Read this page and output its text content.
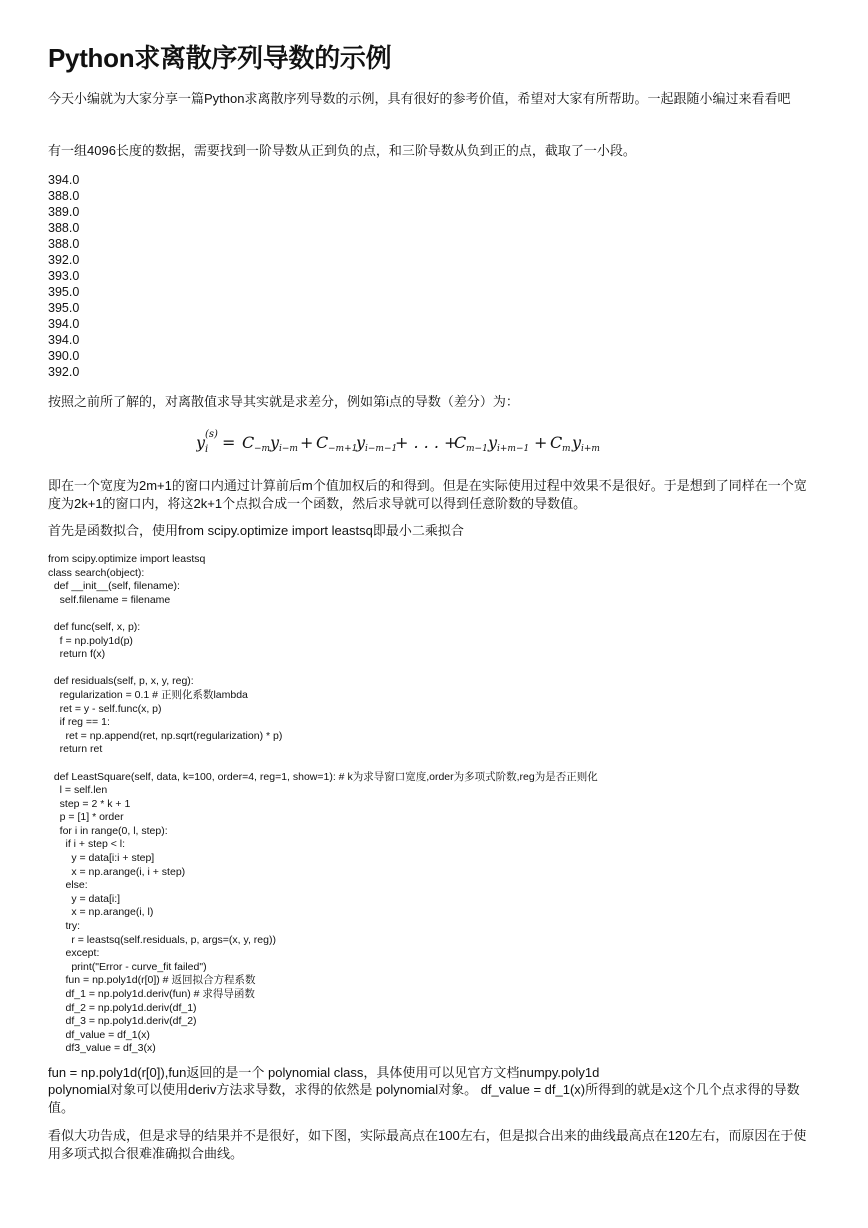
Python求离散序列导数的示例
今天小编就为大家分享一篇Python求离散序列导数的示例，具有很好的参考价值，希望对大家有所帮助。一起跟随小编过来看看吧
有一组4096长度的数据，需要找到一阶导数从正到负的点，和三阶导数从负到正的点，截取了一小段。
394.0
388.0
389.0
388.0
388.0
392.0
393.0
395.0
395.0
394.0
394.0
390.0
392.0
按照之前所了解的，对离散值求导其实就是求差分，例如第i点的导数（差分）为：
y i
(s) = C −m y i−m + C −m+1
y i−m−1
+ . . . +
C m−1 y i+m−1 + C m y i+m
即在一个宽度为2m+1的窗口内通过计算前后m个值加权后的和得到。但是在实际使用过程中效果不是很好。于是想到了同样在一个宽度为2k+1的窗口内，将这2k+1个点拟合成一个函数，然后求导就可以得到任意阶数的导数值。
首先是函数拟合，使用from scipy.optimize import leastsq即最小二乘拟合
from scipy.optimize import leastsq
class search(object):
def __init__(self, filename):
self.filename = filename
def func(self, x, p):
f = np.poly1d(p)
return f(x)
def residuals(self, p, x, y, reg):
regularization = 0.1 # 正则化系数lambda
ret = y - self.func(x, p)
if reg == 1:
ret = np.append(ret, np.sqrt(regularization) * p)
return ret
def LeastSquare(self, data, k=100, order=4, reg=1, show=1): # k为求导窗口宽度,order为多项式阶数,reg为是否正则化
l = self.len
step = 2 * k + 1
p = [1] * order
for i in range(0, l, step):
if i + step < l:
y = data[i:i + step]
x = np.arange(i, i + step)
else:
y = data[i:]
x = np.arange(i, l)
try:
r = leastsq(self.residuals, p, args=(x, y, reg))
except:
print("Error - curve_fit failed")
fun = np.poly1d(r[0]) # 返回拟合方程系数
df_1 = np.poly1d.deriv(fun) # 求得导函数
df_2 = np.poly1d.deriv(df_1)
df_3 = np.poly1d.deriv(df_2)
df_value = df_1(x)
df3_value = df_3(x)
fun = np.poly1d(r[0]),fun返回的是一个 polynomial class，具体使用可以见官方文档numpy.poly1d
polynomial对象可以使用deriv方法求导数，求得的依然是 polynomial对象。 df_value = df_1(x)所得到的就是x这个几个点求得的导数值。
看似大功告成，但是求导的结果并不是很好，如下图，实际最高点在100左右，但是拟合出来的曲线最高点在120左右，而原因在于使用多项式拟合很难准确拟合曲线。
